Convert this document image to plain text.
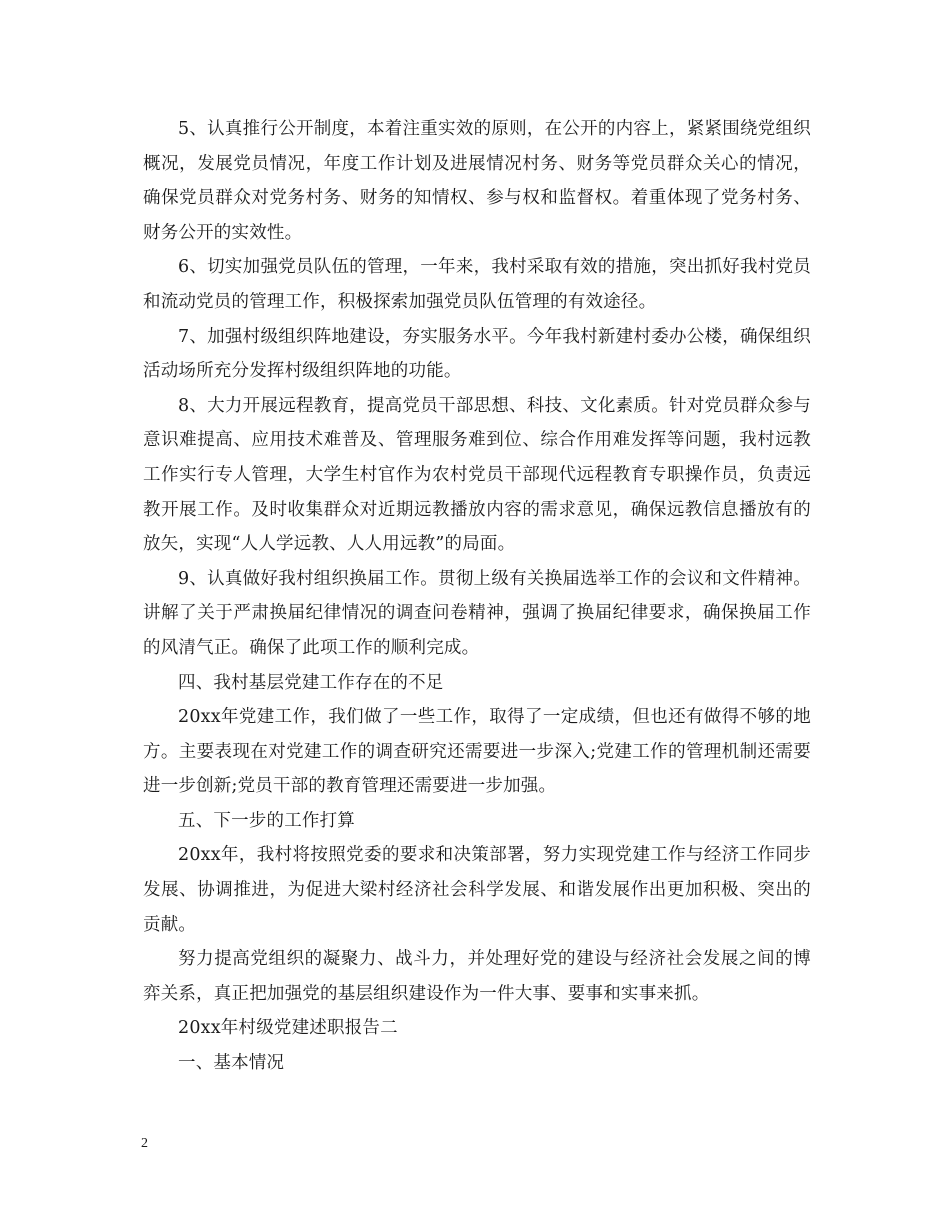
5、认真推行公开制度，本着注重实效的原则，在公开的内容上，紧紧围绕党组织概况，发展党员情况，年度工作计划及进展情况村务、财务等党员群众关心的情况，确保党员群众对党务村务、财务的知情权、参与权和监督权。着重体现了党务村务、财务公开的实效性。

6、切实加强党员队伍的管理，一年来，我村采取有效的措施，突出抓好我村党员和流动党员的管理工作，积极探索加强党员队伍管理的有效途径。

7、加强村级组织阵地建设，夯实服务水平。今年我村新建村委办公楼，确保组织活动场所充分发挥村级组织阵地的功能。

8、大力开展远程教育，提高党员干部思想、科技、文化素质。针对党员群众参与意识难提高、应用技术难普及、管理服务难到位、综合作用难发挥等问题，我村远教工作实行专人管理，大学生村官作为农村党员干部现代远程教育专职操作员，负责远教开展工作。及时收集群众对近期远教播放内容的需求意见，确保远教信息播放有的放矢，实现“人人学远教、人人用远教”的局面。

9、认真做好我村组织换届工作。贯彻上级有关换届选举工作的会议和文件精神。讲解了关于严肃换届纪律情况的调查问卷精神，强调了换届纪律要求，确保换届工作的风清气正。确保了此项工作的顺利完成。

四、我村基层党建工作存在的不足

20xx年党建工作，我们做了一些工作，取得了一定成绩，但也还有做得不够的地方。主要表现在对党建工作的调查研究还需要进一步深入;党建工作的管理机制还需要进一步创新;党员干部的教育管理还需要进一步加强。

五、下一步的工作打算

20xx年，我村将按照党委的要求和决策部署，努力实现党建工作与经济工作同步发展、协调推进，为促进大梁村经济社会科学发展、和谐发展作出更加积极、突出的贡献。

努力提高党组织的凝聚力、战斗力，并处理好党的建设与经济社会发展之间的博弈关系，真正把加强党的基层组织建设作为一件大事、要事和实事来抓。

20xx年村级党建述职报告二

一、基本情况

2
